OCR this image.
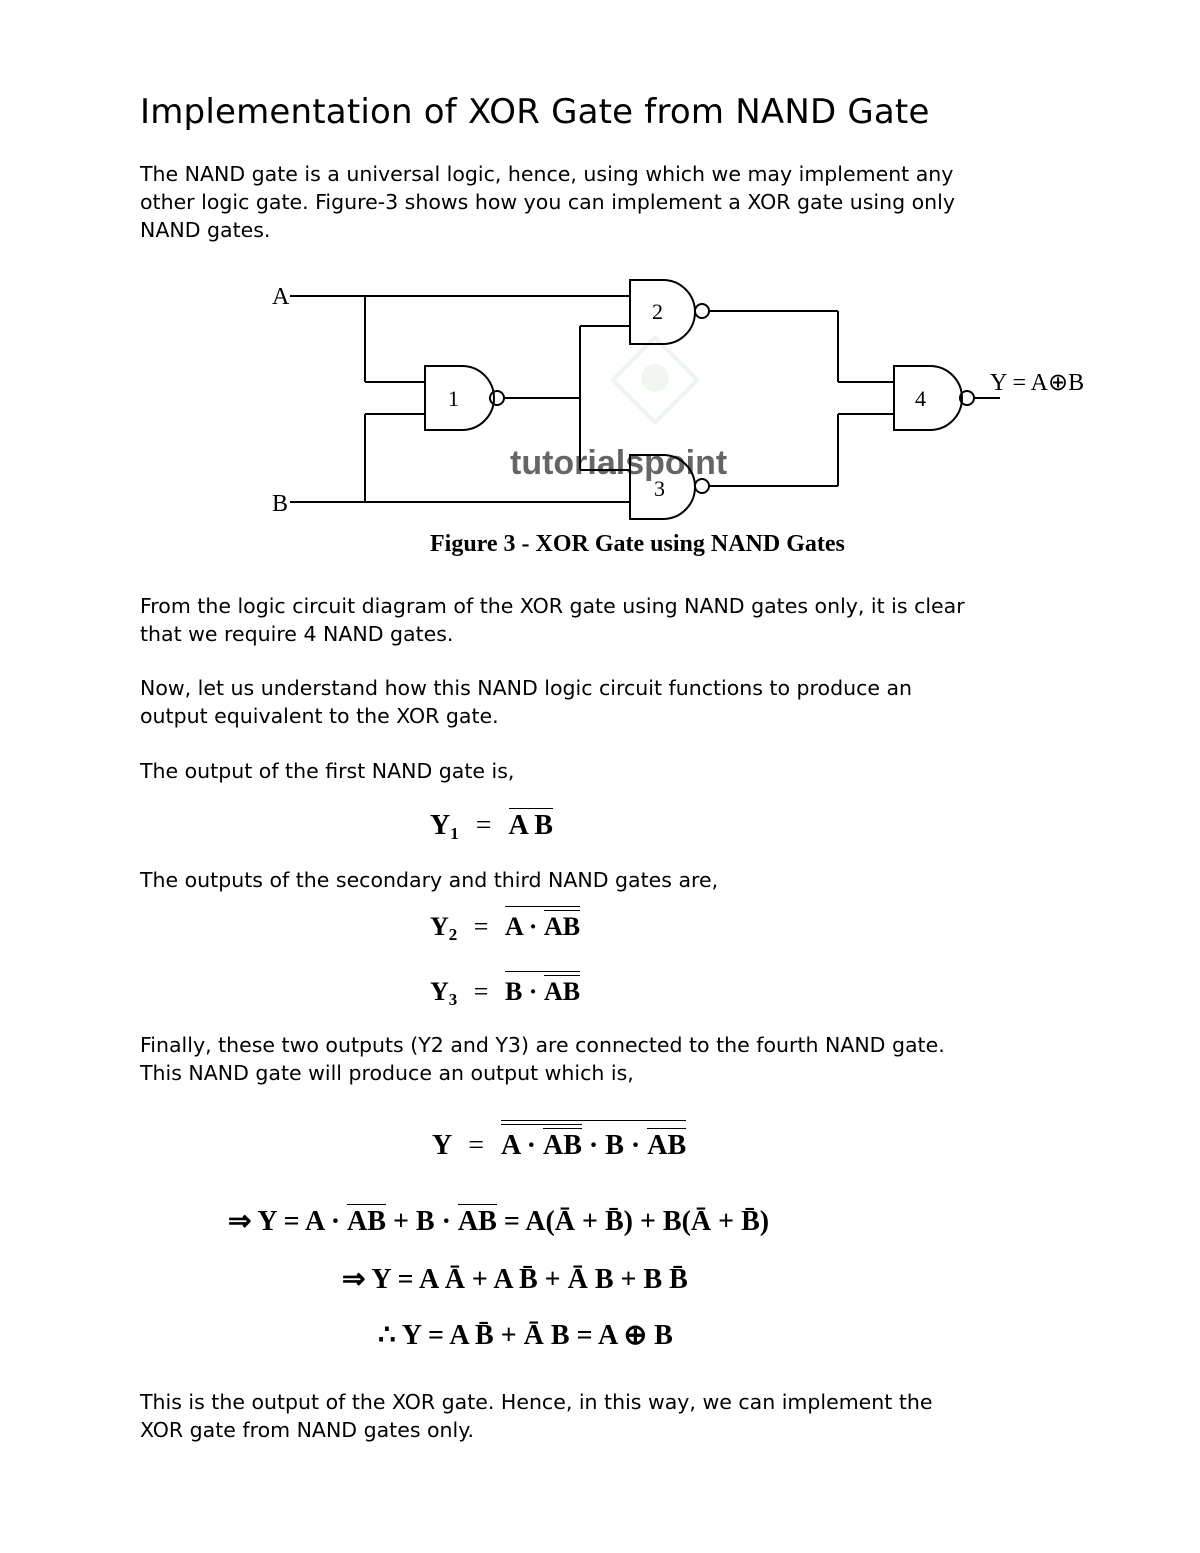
Implementation of XOR Gate from NAND Gate
The NAND gate is a universal logic, hence, using which we may implement any
other logic gate. Figure-3 shows how you can implement a XOR gate using only
NAND gates.
tutorialspoint
A
B
1
2
3
4
Y = A⊕B
Figure 3 - XOR Gate using NAND Gates
From the logic circuit diagram of the XOR gate using NAND gates only, it is clear
that we require 4 NAND gates.
Now, let us understand how this NAND logic circuit functions to produce an
output equivalent to the XOR gate.
The output of the first NAND gate is,
$Y_1 = A$ B
The outputs of the secondary and third NAND gates are,
$Y_2 = A$ · AB
$Y_3 = B$ · AB
Finally, these two outputs (Y2 and Y3) are connected to the fourth NAND gate.
This NAND gate will produce an output which is,
Y = A · AB · B · AB
⇒ Y = A · AB + B · AB = A(Ā + B̄) + B(Ā + B̄)
⇒ Y = A Ā + A B̄ + Ā B + B B̄
∴ Y = A B̄ + Ā B = A ⊕ B
This is the output of the XOR gate. Hence, in this way, we can implement the
XOR gate from NAND gates only.
